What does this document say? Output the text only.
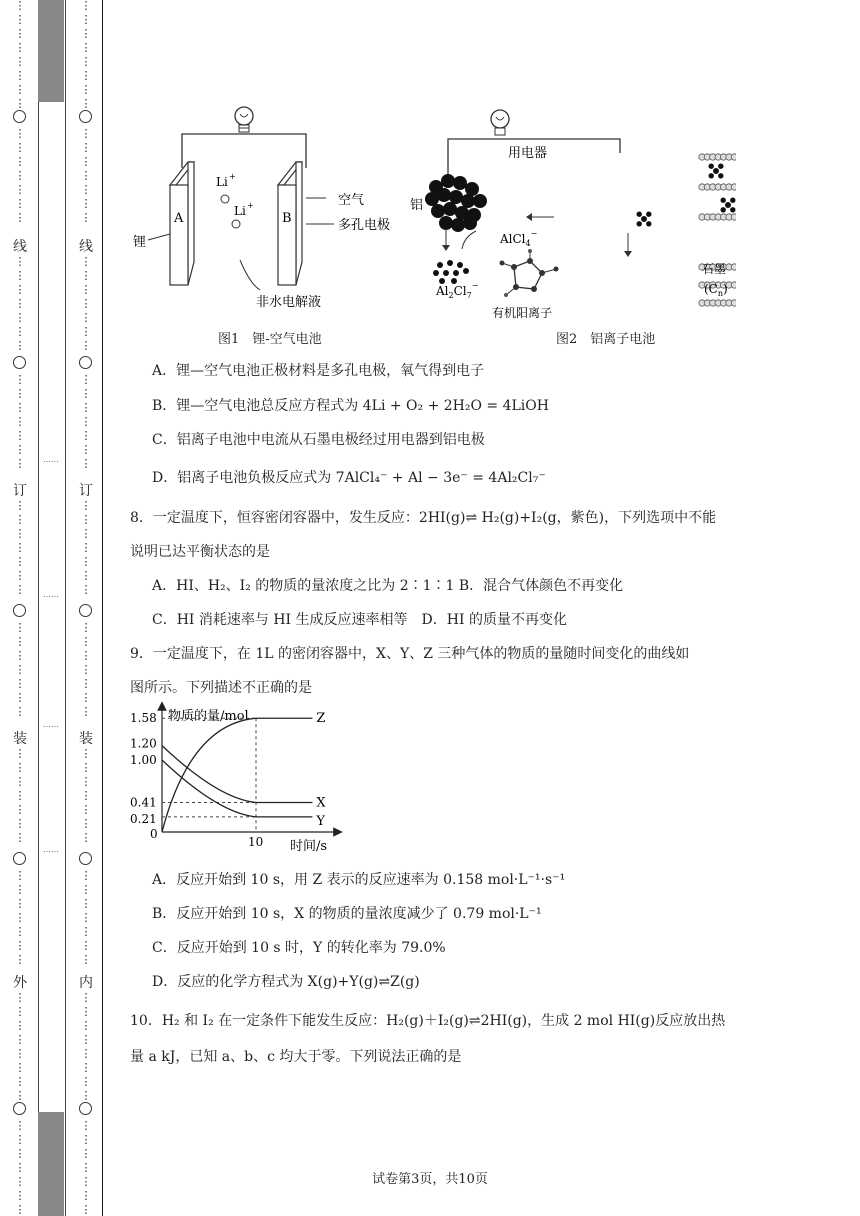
……
……
……
……
⋮
⋮
⋮
⋮
⋮
⋮
⋮
⋮
⋮
⋮
⋮
⋮
⋮
⋮
⋮
线
⋮
⋮
⋮
⋮
⋮
⋮
⋮
⋮
⋮
⋮
⋮
⋮
⋮
⋮
订
⋮
⋮
⋮
⋮
⋮
⋮
⋮
⋮
⋮
⋮
⋮
⋮
⋮
⋮
装
⋮
⋮
⋮
⋮
⋮
⋮
⋮
⋮
⋮
⋮
⋮
⋮
⋮
⋮
外
⋮
⋮
⋮
⋮
⋮
⋮
⋮
⋮
⋮
⋮
⋮
⋮
⋮
⋮
⋮
⋮
⋮
⋮
⋮
⋮
⋮
⋮
⋮
⋮
⋮
⋮
⋮
⋮
⋮
⋮
线
⋮
⋮
⋮
⋮
⋮
⋮
⋮
⋮
⋮
⋮
⋮
⋮
⋮
⋮
订
⋮
⋮
⋮
⋮
⋮
⋮
⋮
⋮
⋮
⋮
⋮
⋮
⋮
⋮
装
⋮
⋮
⋮
⋮
⋮
⋮
⋮
⋮
⋮
⋮
⋮
⋮
⋮
⋮
内
⋮
⋮
⋮
⋮
⋮
⋮
⋮
⋮
⋮
⋮
⋮
⋮
⋮
⋮
⋮
A	B
锂
Li +
Li +	空气
多孔电极
非水电解液
图1　锂-空气电池
用电器
铝
AlCl$_4$−
$Al_2Cl_7^-$
有机阳离子
石墨
$(C_n)$
图2　铝离子电池
A．锂—空气电池正极材料是多孔电极，氧气得到电子
B．锂—空气电池总反应方程式为 4Li + O₂ + 2H₂O = 4LiOH
C．铝离子电池中电流从石墨电极经过用电器到铝电极
D．铝离子电池负极反应式为 7AlCl₄⁻ + Al − 3e⁻ = 4Al₂Cl₇⁻
8．一定温度下，恒容密闭容器中，发生反应：2HI(g)⇌ H₂(g)+I₂(g，紫色)，下列选项中不能
说明已达平衡状态的是
A．HI、H₂、I₂ 的物质的量浓度之比为 2∶1∶1 B．混合气体颜色不再变化
C．HI 消耗速率与 HI 生成反应速率相等　D．HI 的质量不再变化
9．一定温度下，在 1L 的密闭容器中，X、Y、Z 三种气体的物质的量随时间变化的曲线如
图所示。下列描述不正确的是
物质的量/mol
时间/s
0
10
1.58
1.20
1.00
0.41
0.21
Z
X
Y
A．反应开始到 10 s，用 Z 表示的反应速率为 0.158 mol·L⁻¹·s⁻¹
B．反应开始到 10 s，X 的物质的量浓度减少了 0.79 mol·L⁻¹
C．反应开始到 10 s 时，Y 的转化率为 79.0%
D．反应的化学方程式为 X(g)+Y(g)⇌Z(g)
10．H₂ 和 I₂ 在一定条件下能发生反应：H₂(g)＋I₂(g)⇌2HI(g)，生成 2 mol HI(g)反应放出热
量 a kJ，已知 a、b、c 均大于零。下列说法正确的是
试卷第3页，共10页
